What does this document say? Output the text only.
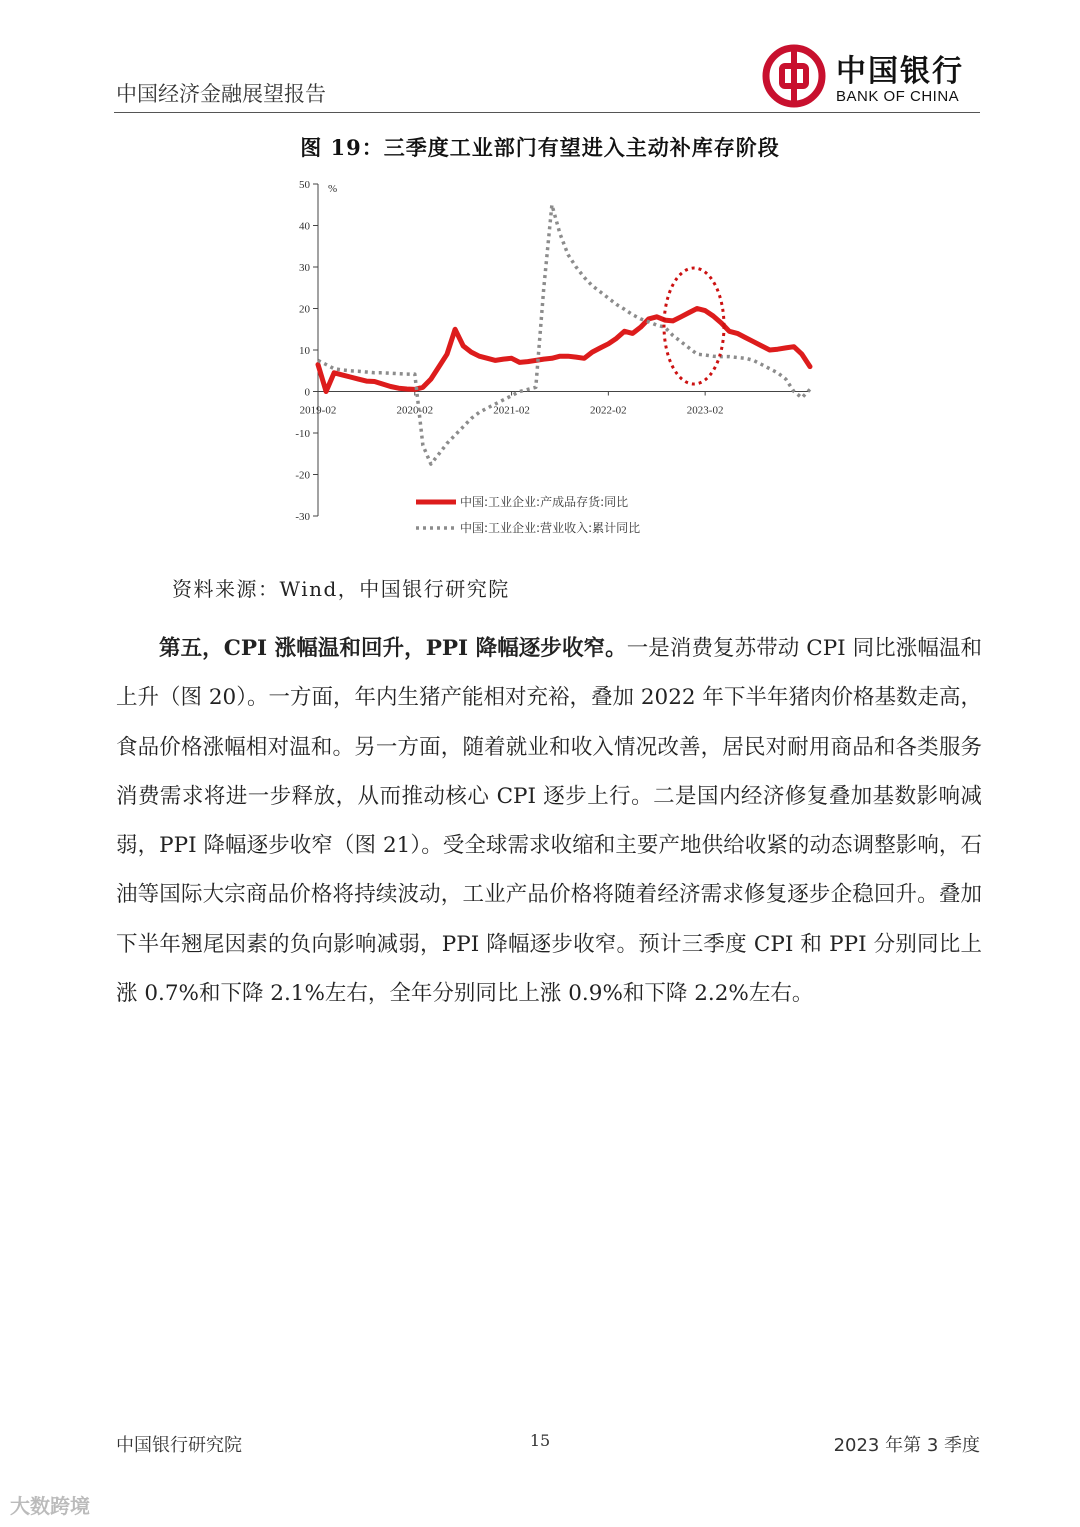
中国经济金融展望报告
中国银行
BANK OF CHINA
图 19：三季度工业部门有望进入主动补库存阶段
50
40
30
20
10
0
-10
-20
-30
%
2019-02	2020-02	2021-02	2022-02	2023-02
中国:工业企业:产成品存货:同比
中国:工业企业:营业收入:累计同比
资料来源：Wind，中国银行研究院

第五，CPI 涨幅温和回升，PPI 降幅逐步收窄。一是消费复苏带动 CPI 同比涨幅温和上升（图 20）。一方面，年内生猪产能相对充裕，叠加 2022 年下半年猪肉价格基数走高，食品价格涨幅相对温和。另一方面，随着就业和收入情况改善，居民对耐用商品和各类服务消费需求将进一步释放，从而推动核心 CPI 逐步上行。二是国内经济修复叠加基数影响减弱，PPI 降幅逐步收窄（图 21）。受全球需求收缩和主要产地供给收紧的动态调整影响，石油等国际大宗商品价格将持续波动，工业产品价格将随着经济需求修复逐步企稳回升。叠加下半年翘尾因素的负向影响减弱，PPI 降幅逐步收窄。预计三季度 CPI 和 PPI 分别同比上涨 0.7%和下降 2.1%左右，全年分别同比上涨 0.9%和下降 2.2%左右。

中国银行研究院	15	2023 年第 3 季度
大数跨境
